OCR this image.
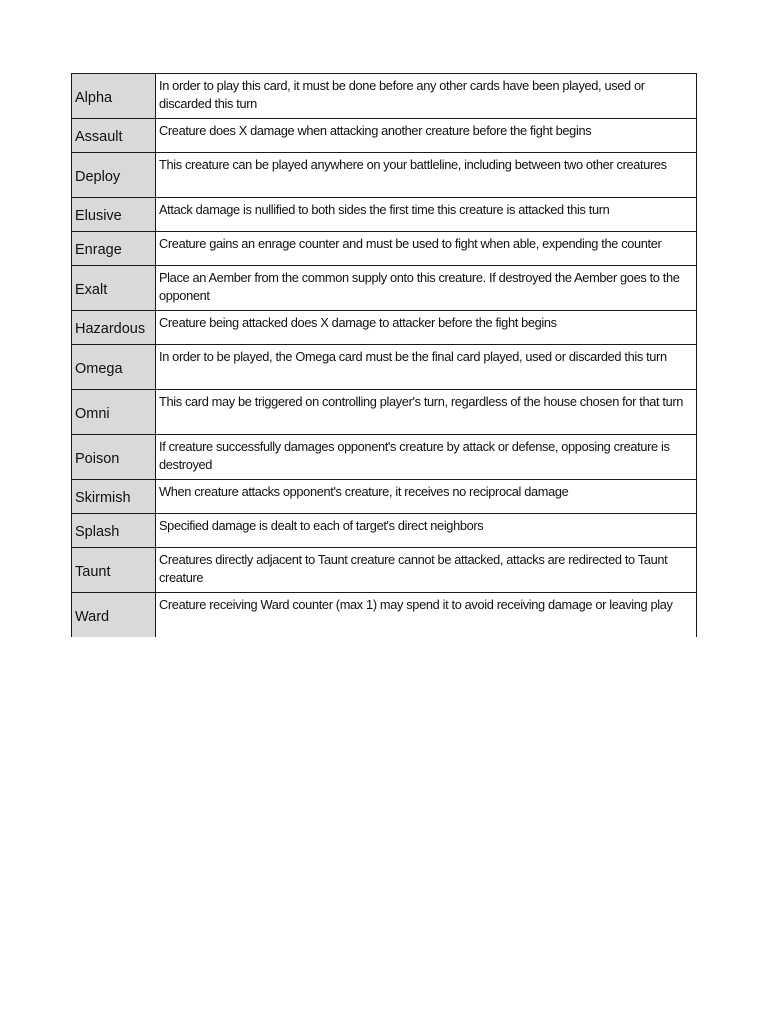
Alpha	In order to play this card, it must be done before any other cards have been played, used or discarded this turn
Assault	Creature does X damage when attacking another creature before the fight begins
Deploy	This creature can be played anywhere on your battleline, including between two other creatures
Elusive	Attack damage is nullified to both sides the first time this creature is attacked this turn
Enrage	Creature gains an enrage counter and must be used to fight when able, expending the counter
Exalt	Place an Aember from the common supply onto this creature. If destroyed the Aember goes to the opponent
Hazardous	Creature being attacked does X damage to attacker before the fight begins
Omega	In order to be played, the Omega card must be the final card played, used or discarded this turn
Omni	This card may be triggered on controlling player's turn, regardless of the house chosen for that turn
Poison	If creature successfully damages opponent's creature by attack or defense, opposing creature is destroyed
Skirmish	When creature attacks opponent's creature, it receives no reciprocal damage
Splash	Specified damage is dealt to each of target's direct neighbors
Taunt	Creatures directly adjacent to Taunt creature cannot be attacked, attacks are redirected to Taunt creature
Ward	Creature receiving Ward counter (max 1) may spend it to avoid receiving damage or leaving play
